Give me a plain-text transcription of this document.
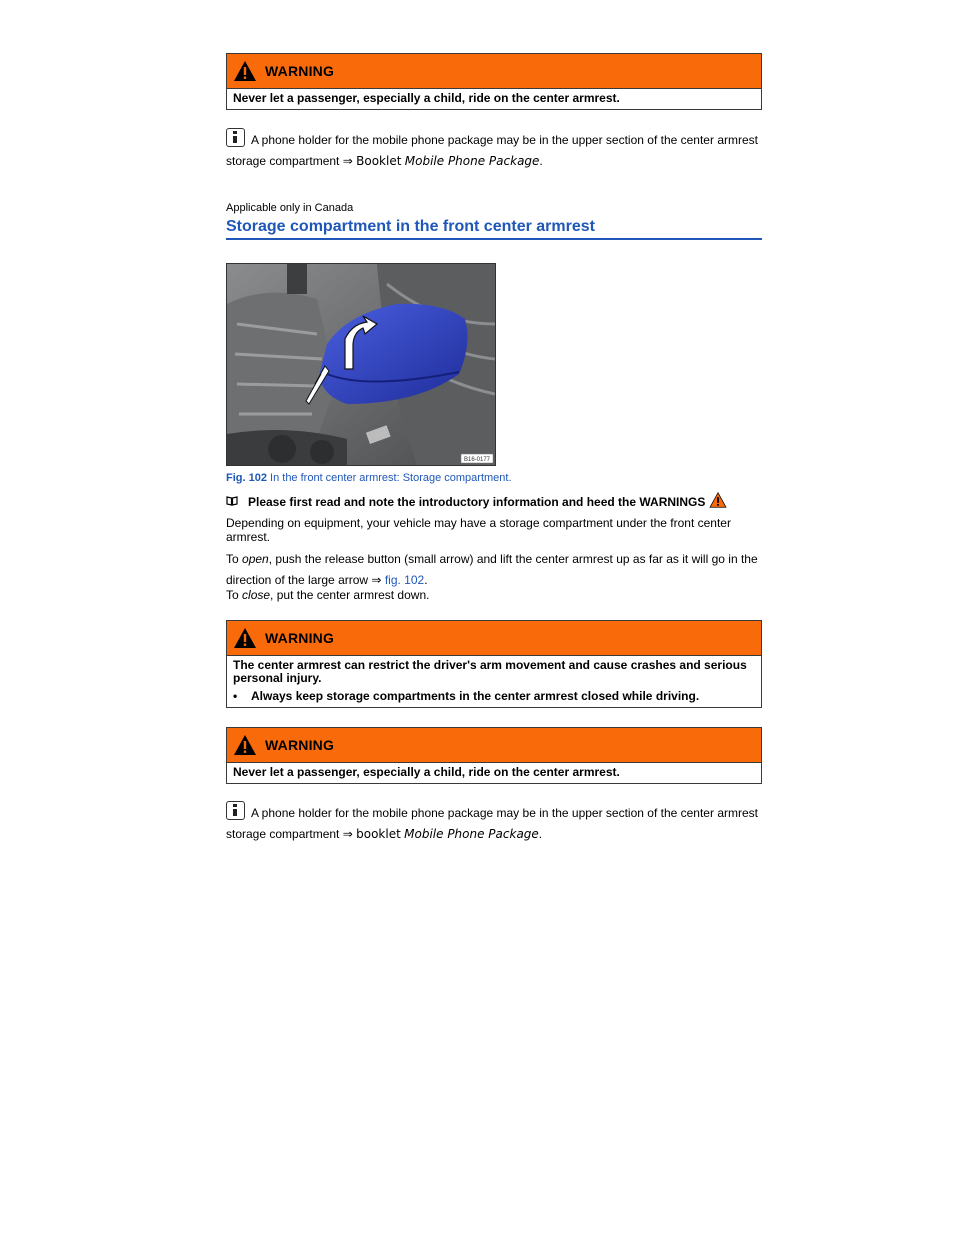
WARNING
Never let a passenger, especially a child, ride on the center armrest.
A phone holder for the mobile phone package may be in the upper section of the center armrest
storage compartment ⇒ Booklet Mobile Phone Package.
Applicable only in Canada
Storage compartment in the front center armrest
B16-0177
Fig. 102 In the front center armrest: Storage compartment.
Please first read and note the introductory information and heed the WARNINGS
Depending on equipment, your vehicle may have a storage compartment under the front center armrest.
To open, push the release button (small arrow) and lift the center armrest up as far as it will go in the
direction of the large arrow ⇒ fig. 102.
To close, put the center armrest down.
WARNING
The center armrest can restrict the driver's arm movement and cause crashes and serious personal injury.
•	Always keep storage compartments in the center armrest closed while driving.
WARNING
Never let a passenger, especially a child, ride on the center armrest.
A phone holder for the mobile phone package may be in the upper section of the center armrest
storage compartment ⇒ booklet Mobile Phone Package.
